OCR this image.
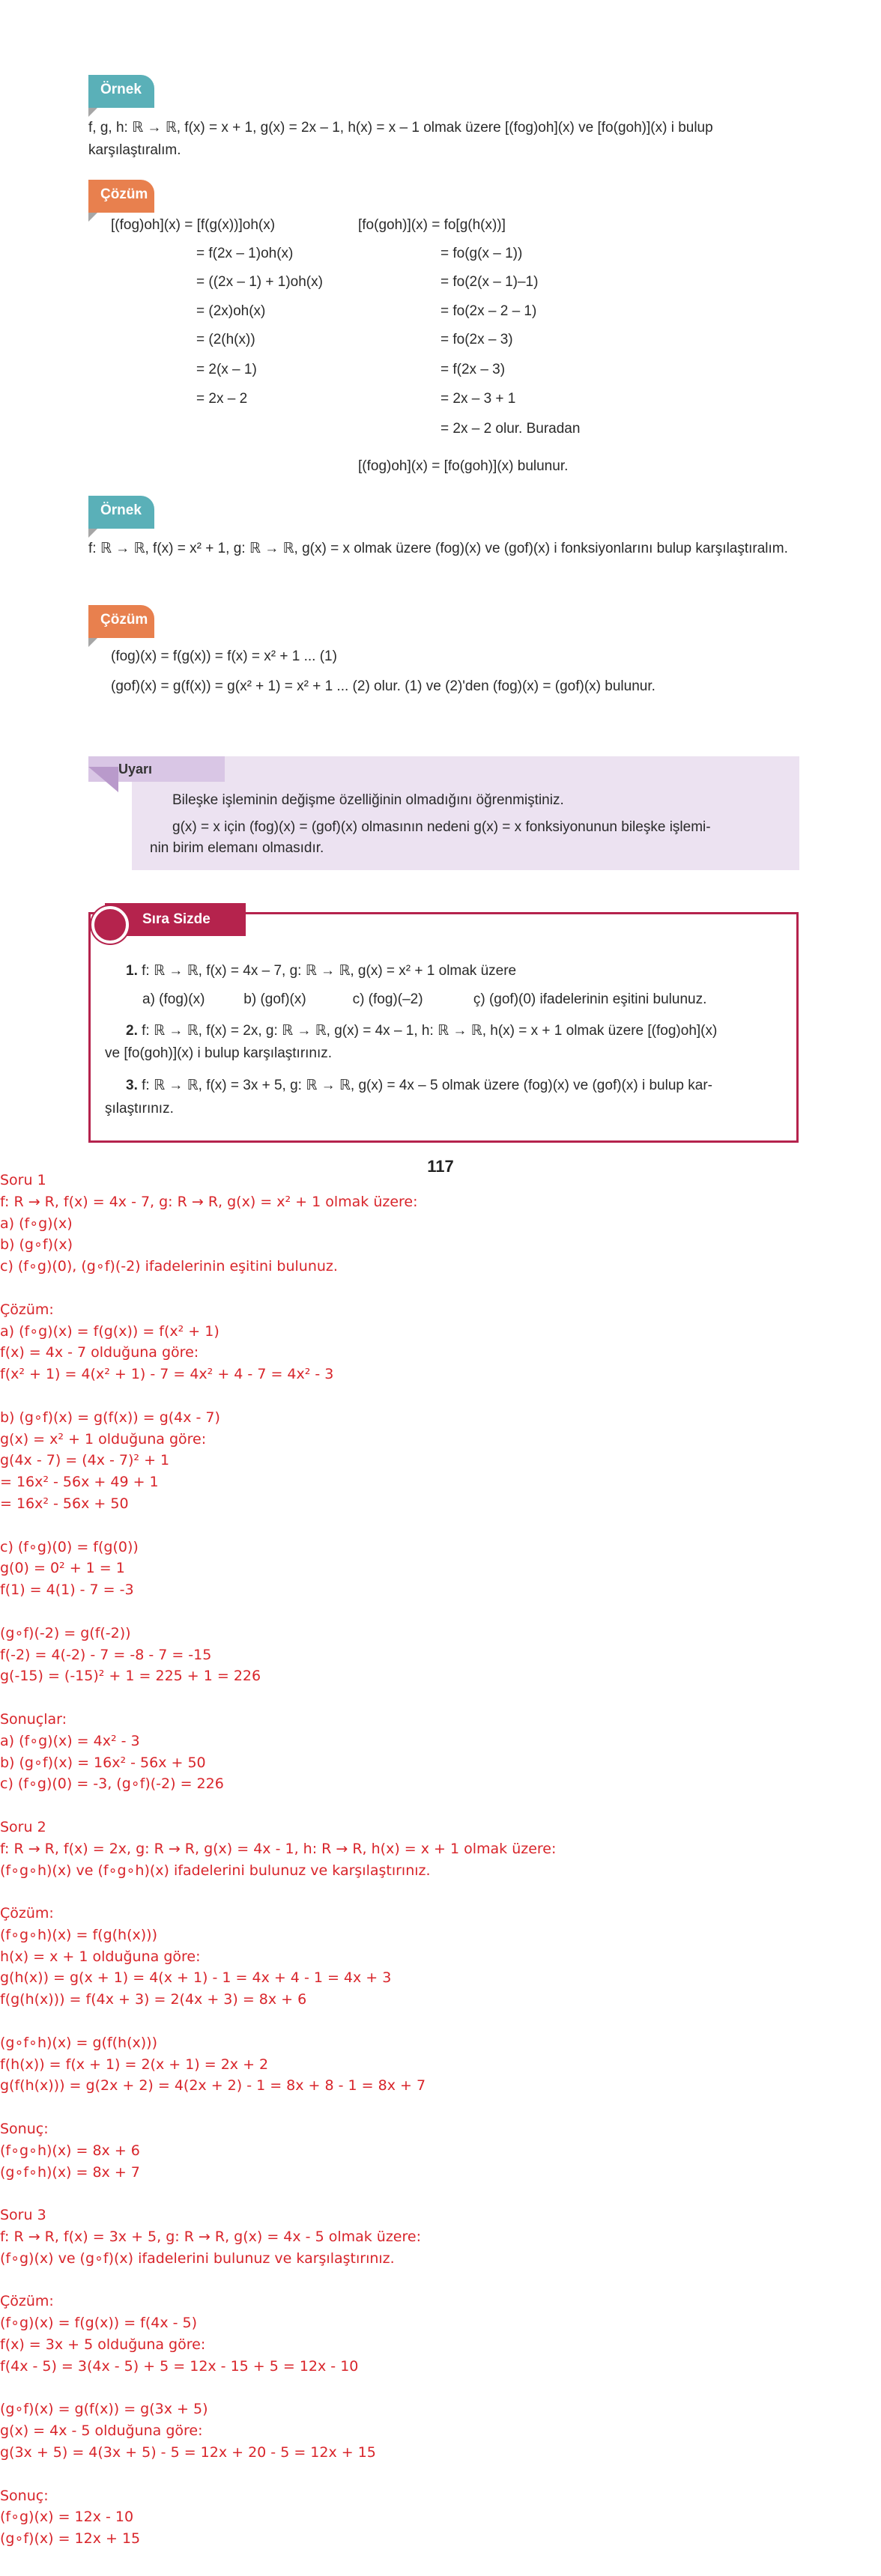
Örnek
f, g, h: ℝ → ℝ, f(x) = x + 1, g(x) = 2x – 1, h(x) = x – 1 olmak üzere [(fog)oh](x) ve [fo(goh)](x) i bulup karşılaştıralım.
Çözüm
[(fog)oh](x) = [f(g(x))]oh(x)
= f(2x – 1)oh(x)
= ((2x – 1) + 1)oh(x)
= (2x)oh(x)
= (2(h(x))
= 2(x – 1)
= 2x – 2
[fo(goh)](x) = fo[g(h(x))]
= fo(g(x – 1))
= fo(2(x – 1)–1)
= fo(2x – 2 – 1)
= fo(2x – 3)
= f(2x – 3)
= 2x – 3 + 1
= 2x – 2 olur. Buradan
[(fog)oh](x) = [fo(goh)](x) bulunur.
Örnek
f: ℝ → ℝ, f(x) = x² + 1, g: ℝ → ℝ, g(x) = x olmak üzere (fog)(x) ve (gof)(x) i fonksiyonlarını bulup karşılaştıralım.
Çözüm
(fog)(x) = f(g(x)) = f(x) = x² + 1 ... (1)
(gof)(x) = g(f(x)) = g(x² + 1) = x² + 1 ... (2) olur. (1) ve (2)'den (fog)(x) = (gof)(x) bulunur.
Uyarı
Bileşke işleminin değişme özelliğinin olmadığını öğrenmiştiniz.
g(x) = x için (fog)(x) = (gof)(x) olmasının nedeni g(x) = x fonksiyonunun bileşke işlemi-
nin birim elemanı olmasıdır.
Sıra Sizde
1. f: ℝ → ℝ, f(x) = 4x – 7, g: ℝ → ℝ, g(x) = x² + 1 olmak üzere
a) (fog)(x)	b) (gof)(x)	c) (fog)(–2)	ç) (gof)(0) ifadelerinin eşitini bulunuz.
2. f: ℝ → ℝ, f(x) = 2x, g: ℝ → ℝ, g(x) = 4x – 1, h: ℝ → ℝ, h(x) = x + 1 olmak üzere [(fog)oh](x)
ve [fo(goh)](x) i bulup karşılaştırınız.
3. f: ℝ → ℝ, f(x) = 3x + 5, g: ℝ → ℝ, g(x) = 4x – 5 olmak üzere (fog)(x) ve (gof)(x) i bulup kar-
şılaştırınız.
117
Soru 1
f: R → R, f(x) = 4x - 7, g: R → R, g(x) = x² + 1 olmak üzere:
a) (f∘g)(x)
b) (g∘f)(x)
c) (f∘g)(0), (g∘f)(-2) ifadelerinin eşitini bulunuz.
Çözüm:
a) (f∘g)(x) = f(g(x)) = f(x² + 1)
f(x) = 4x - 7 olduğuna göre:
f(x² + 1) = 4(x² + 1) - 7 = 4x² + 4 - 7 = 4x² - 3
b) (g∘f)(x) = g(f(x)) = g(4x - 7)
g(x) = x² + 1 olduğuna göre:
g(4x - 7) = (4x - 7)² + 1
= 16x² - 56x + 49 + 1
= 16x² - 56x + 50
c) (f∘g)(0) = f(g(0))
g(0) = 0² + 1 = 1
f(1) = 4(1) - 7 = -3
(g∘f)(-2) = g(f(-2))
f(-2) = 4(-2) - 7 = -8 - 7 = -15
g(-15) = (-15)² + 1 = 225 + 1 = 226
Sonuçlar:
a) (f∘g)(x) = 4x² - 3
b) (g∘f)(x) = 16x² - 56x + 50
c) (f∘g)(0) = -3, (g∘f)(-2) = 226
Soru 2
f: R → R, f(x) = 2x, g: R → R, g(x) = 4x - 1, h: R → R, h(x) = x + 1 olmak üzere:
(f∘g∘h)(x) ve (f∘g∘h)(x) ifadelerini bulunuz ve karşılaştırınız.
Çözüm:
(f∘g∘h)(x) = f(g(h(x)))
h(x) = x + 1 olduğuna göre:
g(h(x)) = g(x + 1) = 4(x + 1) - 1 = 4x + 4 - 1 = 4x + 3
f(g(h(x))) = f(4x + 3) = 2(4x + 3) = 8x + 6
(g∘f∘h)(x) = g(f(h(x)))
f(h(x)) = f(x + 1) = 2(x + 1) = 2x + 2
g(f(h(x))) = g(2x + 2) = 4(2x + 2) - 1 = 8x + 8 - 1 = 8x + 7
Sonuç:
(f∘g∘h)(x) = 8x + 6
(g∘f∘h)(x) = 8x + 7
Soru 3
f: R → R, f(x) = 3x + 5, g: R → R, g(x) = 4x - 5 olmak üzere:
(f∘g)(x) ve (g∘f)(x) ifadelerini bulunuz ve karşılaştırınız.
Çözüm:
(f∘g)(x) = f(g(x)) = f(4x - 5)
f(x) = 3x + 5 olduğuna göre:
f(4x - 5) = 3(4x - 5) + 5 = 12x - 15 + 5 = 12x - 10
(g∘f)(x) = g(f(x)) = g(3x + 5)
g(x) = 4x - 5 olduğuna göre:
g(3x + 5) = 4(3x + 5) - 5 = 12x + 20 - 5 = 12x + 15
Sonuç:
(f∘g)(x) = 12x - 10
(g∘f)(x) = 12x + 15
